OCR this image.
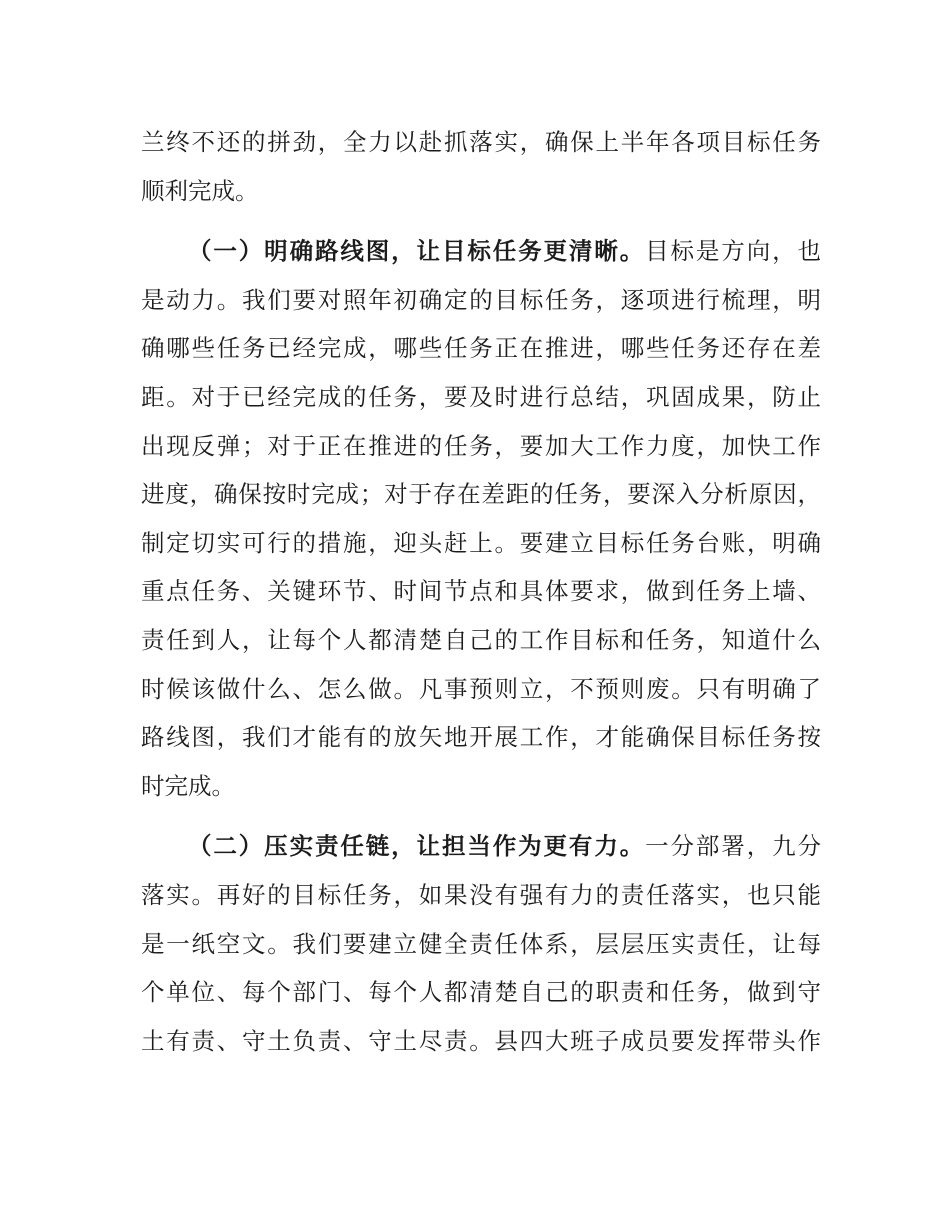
兰终不还的拼劲，全力以赴抓落实，确保上半年各项目标任务
顺利完成。
（一）明确路线图，让目标任务更清晰。目标是方向，也
是动力。我们要对照年初确定的目标任务，逐项进行梳理，明
确哪些任务已经完成，哪些任务正在推进，哪些任务还存在差
距。对于已经完成的任务，要及时进行总结，巩固成果，防止
出现反弹；对于正在推进的任务，要加大工作力度，加快工作
进度，确保按时完成；对于存在差距的任务，要深入分析原因，
制定切实可行的措施，迎头赶上。要建立目标任务台账，明确
重点任务、关键环节、时间节点和具体要求，做到任务上墙、
责任到人，让每个人都清楚自己的工作目标和任务，知道什么
时候该做什么、怎么做。凡事预则立，不预则废。只有明确了
路线图，我们才能有的放矢地开展工作，才能确保目标任务按
时完成。
（二）压实责任链，让担当作为更有力。一分部署，九分
落实。再好的目标任务，如果没有强有力的责任落实，也只能
是一纸空文。我们要建立健全责任体系，层层压实责任，让每
个单位、每个部门、每个人都清楚自己的职责和任务，做到守
土有责、守土负责、守土尽责。县四大班子成员要发挥带头作
